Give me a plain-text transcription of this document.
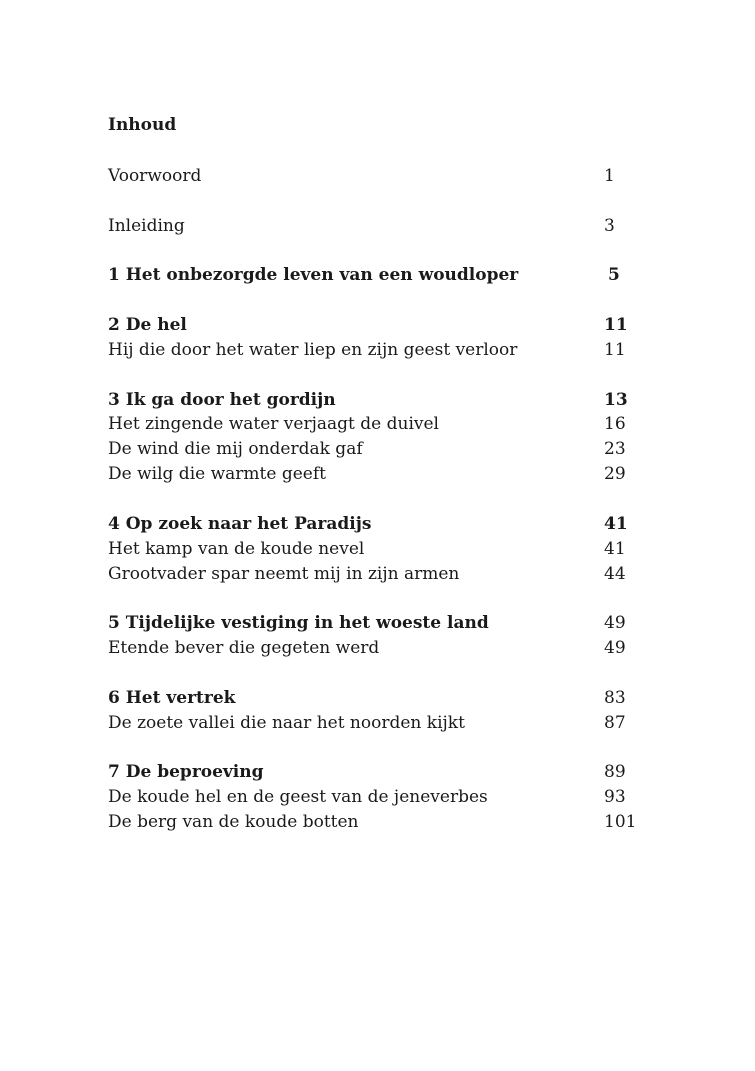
Inhoud
Voorwoord	1
Inleiding	3
1 Het onbezorgde leven van een woudloper	5
2 De hel	11
Hij die door het water liep en zijn geest verloor	11
3 Ik ga door het gordijn	13
Het zingende water verjaagt de duivel	16
De wind die mij onderdak gaf	23
De wilg die warmte geeft	29
4 Op zoek naar het Paradijs	41
Het kamp van de koude nevel	41
Grootvader spar neemt mij in zijn armen	44
5 Tijdelijke vestiging in het woeste land	49
Etende bever die gegeten werd	49
6 Het vertrek	83
De zoete vallei die naar het noorden kijkt	87
7 De beproeving	89
De koude hel en de geest van de jeneverbes	93
De berg van de koude botten	101
